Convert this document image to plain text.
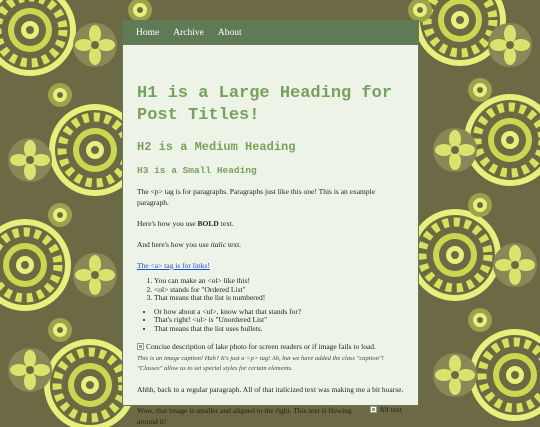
Home Archive About
H1 is a Large Heading for Post Titles!
H2 is a Medium Heading
H3 is a Small Heading

The <p> tag is for paragraphs. Paragraphs just like this one! This is an example paragraph.

Here's how you use BOLD text.

And here's how you use italic text.

The <a> tag is for links!

1. You can make an <ol> like this!
2. <ol> stands for "Ordered List"
3. That means that the list is numbered!
• Or how about a <ul>, know what that stands for?
• That's right! <ul> is "Unordered List"
• That means that the list uses bullets.
Concise description of lake photo for screen readers or if image fails to load.

This is an image caption! Huh? It's just a <p> tag! Ah, but we have added the class "caption"! "Classes" allow us to set special styles for certain elements.

Ahhh, back to a regular paragraph. All of that italicized text was making me a bit hoarse.

Alt text

Wow, that image is smaller and aligned to the right. This text is flowing around it!
